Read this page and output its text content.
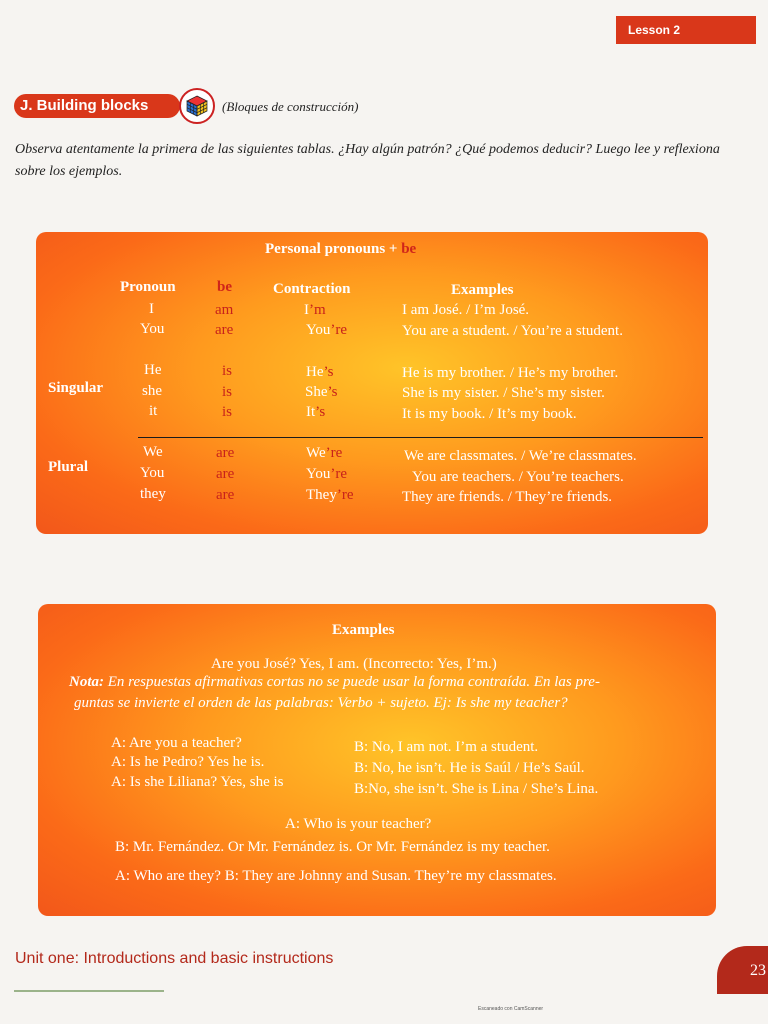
Lesson 2
J. Building blocks	(Bloques de construcción)
Observa atentamente la primera de las siguientes tablas. ¿Hay algún patrón? ¿Qué podemos deducir? Luego lee y reflexiona sobre los ejemplos.
Personal pronouns + be
Pronoun	be	Contraction	Examples
Singular
Plural
I	am	I’m	I am José. / I’m José.
You	are	You’re	You are a student. / You’re a student.
He	is	He’s	He is my brother. / He’s my brother.
she	is	She’s	She is my sister. / She’s my sister.
it	is	It’s	It is my book. / It’s my book.
We	are	We’re	We are classmates. / We’re classmates.
You	are	You’re	You are teachers. / You’re teachers.
they	are	They’re	They are friends. / They’re friends.
Examples
Are you José? Yes, I am. (Incorrecto: Yes, I’m.)
Nota: En respuestas afirmativas cortas no se puede usar la forma contraída. En las pre-
guntas se invierte el orden de las palabras: Verbo + sujeto. Ej: Is she my teacher?
A: Are you a teacher?	B: No, I am not. I’m a student.
A: Is he Pedro? Yes he is.	B: No, he isn’t. He is Saúl / He’s Saúl.
A: Is she Liliana? Yes, she is	B:No, she isn’t. She is Lina / She’s Lina.
A: Who is your teacher?
B: Mr. Fernández. Or Mr. Fernández is. Or Mr. Fernández is my teacher.
A: Who are they? B: They are Johnny and Susan. They’re my classmates.
Unit one: Introductions and basic instructions
23
Escaneado con CamScanner
